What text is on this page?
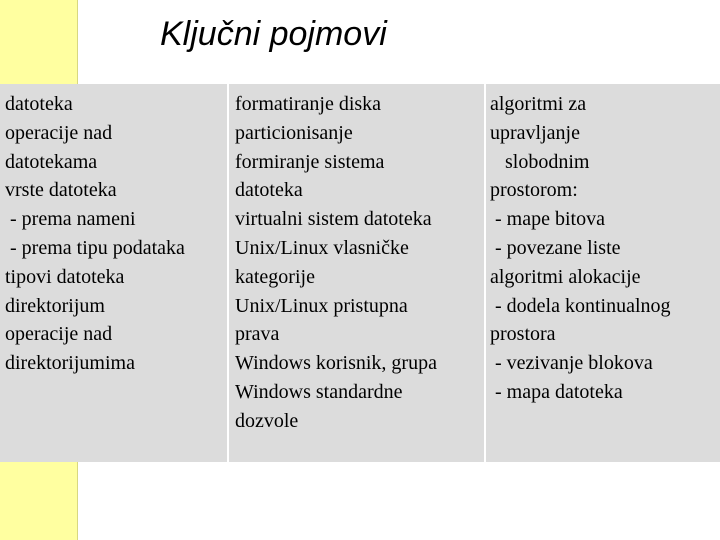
Ključni pojmovi
datoteka
operacije nad
datotekama
vrste datoteka
- prema nameni
- prema tipu podataka
tipovi datoteka
direktorijum
operacije nad
direktorijumima
formatiranje diska
particionisanje
formiranje sistema
datoteka
virtualni sistem datoteka
Unix/Linux vlasničke
kategorije
Unix/Linux pristupna
prava
Windows korisnik, grupa
Windows standardne
dozvole
algoritmi za
upravljanje
slobodnim
prostorom:
- mape bitova
- povezane liste
algoritmi alokacije
- dodela kontinualnog
prostora
- vezivanje blokova
- mapa datoteka
